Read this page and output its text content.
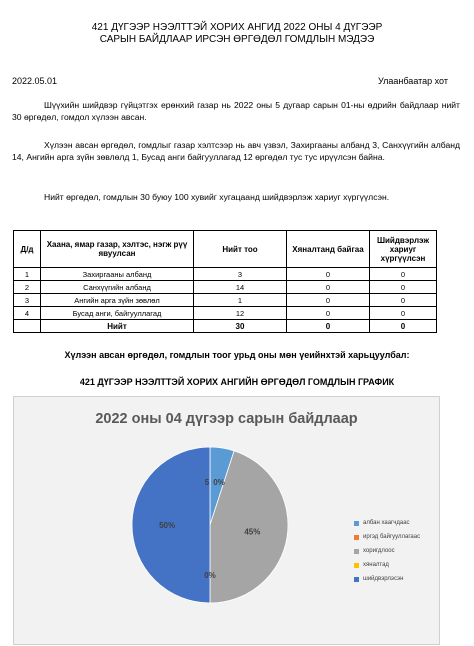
421 ДҮГЭЭР НЭЭЛТТЭЙ ХОРИХ АНГИД 2022 ОНЫ 4 ДҮГЭЭР
САРЫН БАЙДЛААР ИРСЭН ӨРГӨДӨЛ ГОМДЛЫН МЭДЭЭ
2022.05.01	Улаанбаатар хот
Шүүхийн шийдвэр гүйцэтгэх ерөнхий газар нь 2022 оны 5 дугаар сарын 01-ны өдрийн байдлаар нийт 30 өргөдөл, гомдол хүлээн авсан.
Хүлээн авсан өргөдөл, гомдлыг газар хэлтсээр нь авч үзвэл, Захиргааны албанд 3, Санхүүгийн албанд 14, Ангийн арга зүйн зөвлөлд 1, Бусад анги байгууллагад 12 өргөдөл тус тус ирүүлсэн байна.
Нийт өргөдөл, гомдлын 30 буюу 100 хувийг хугацаанд шийдвэрлэж хариуг хүргүүлсэн.
Д/д	Хаана, ямар газар, хэлтэс, нэгж рүү явуулсан	Нийт тоо	Хяналтанд байгаа	Шийдвэрлэж хариуг хүргүүлсэн
1	Захиргааны албанд	3	0	0
2	Санхүүгийн албанд	14	0	0
3	Ангийн арга зүйн зөвлөл	1	0	0
4	Бусад анги, байгууллагад	12	0	0
	Нийт	30	0	0
Хүлээн авсан өргөдөл, гомдлын тоог урьд оны мөн үеийнхтэй харьцуулбал:
421 ДҮГЭЭР НЭЭЛТТЭЙ ХОРИХ АНГИЙН ӨРГӨДӨЛ ГОМДЛЫН ГРАФИК
2022 оны 04 дүгээр сарын байдлаар
5 0%
45%
0%
50%	албан хаагчдаас
иргэд байгууллагаас
хоригдлоос
хяналтад
шийдвэрлэсэн
